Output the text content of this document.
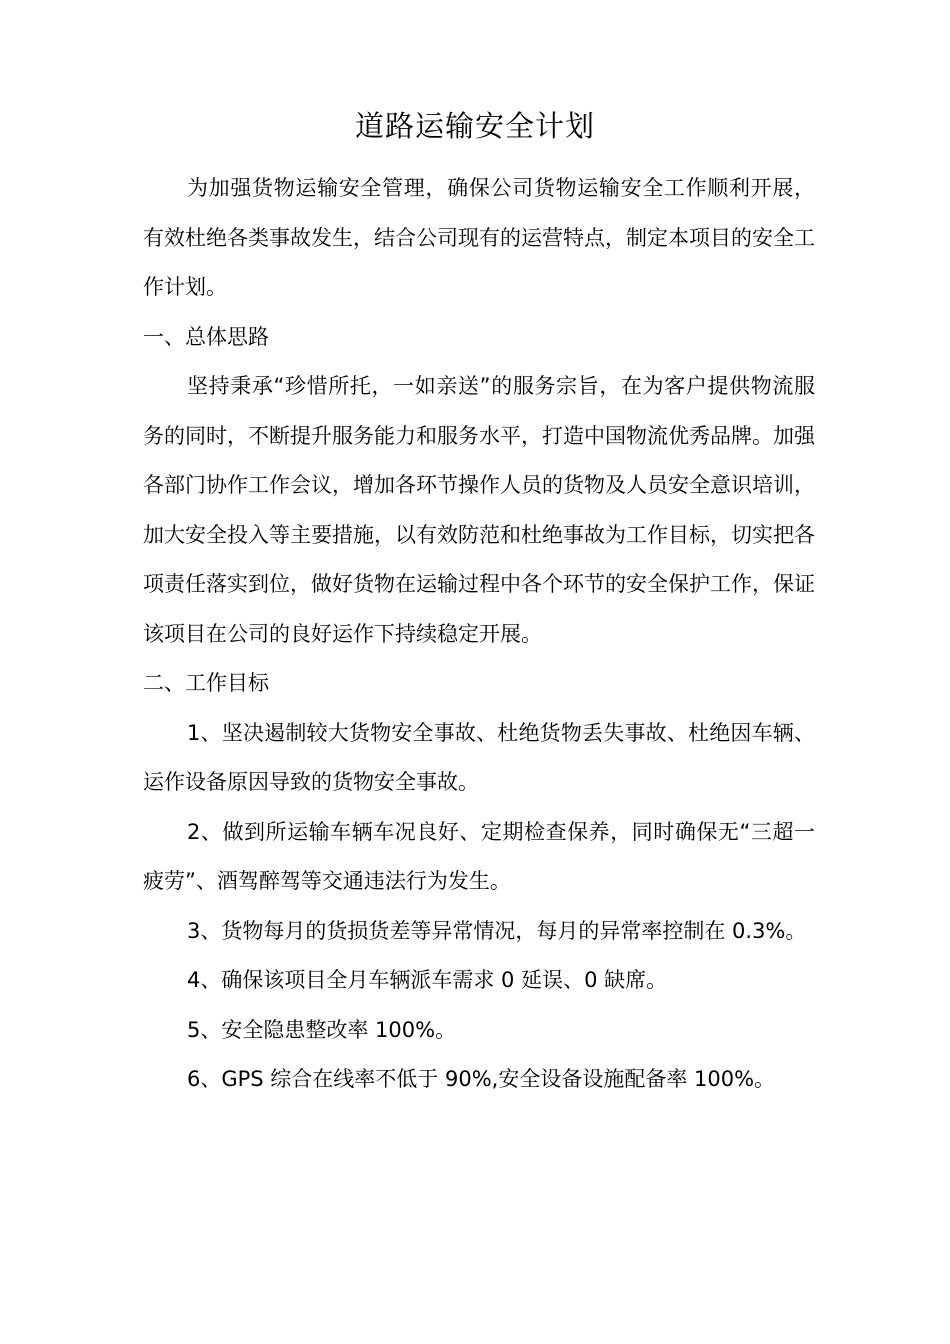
道路运输安全计划

为加强货物运输安全管理，确保公司货物运输安全工作顺利开展，有效杜绝各类事故发生，结合公司现有的运营特点，制定本项目的安全工作计划。

一、总体思路

坚持秉承“珍惜所托，一如亲送”的服务宗旨，在为客户提供物流服务的同时，不断提升服务能力和服务水平，打造中国物流优秀品牌。加强各部门协作工作会议，增加各环节操作人员的货物及人员安全意识培训，加大安全投入等主要措施，以有效防范和杜绝事故为工作目标，切实把各项责任落实到位，做好货物在运输过程中各个环节的安全保护工作，保证该项目在公司的良好运作下持续稳定开展。

二、工作目标

1、坚决遏制较大货物安全事故、杜绝货物丢失事故、杜绝因车辆、运作设备原因导致的货物安全事故。

2、做到所运输车辆车况良好、定期检查保养，同时确保无“三超一疲劳”、酒驾醉驾等交通违法行为发生。

3、货物每月的货损货差等异常情况，每月的异常率控制在 0.3%。

4、确保该项目全月车辆派车需求 0 延误、0 缺席。

5、安全隐患整改率 100%。

6、GPS 综合在线率不低于 90%,安全设备设施配备率 100%。
